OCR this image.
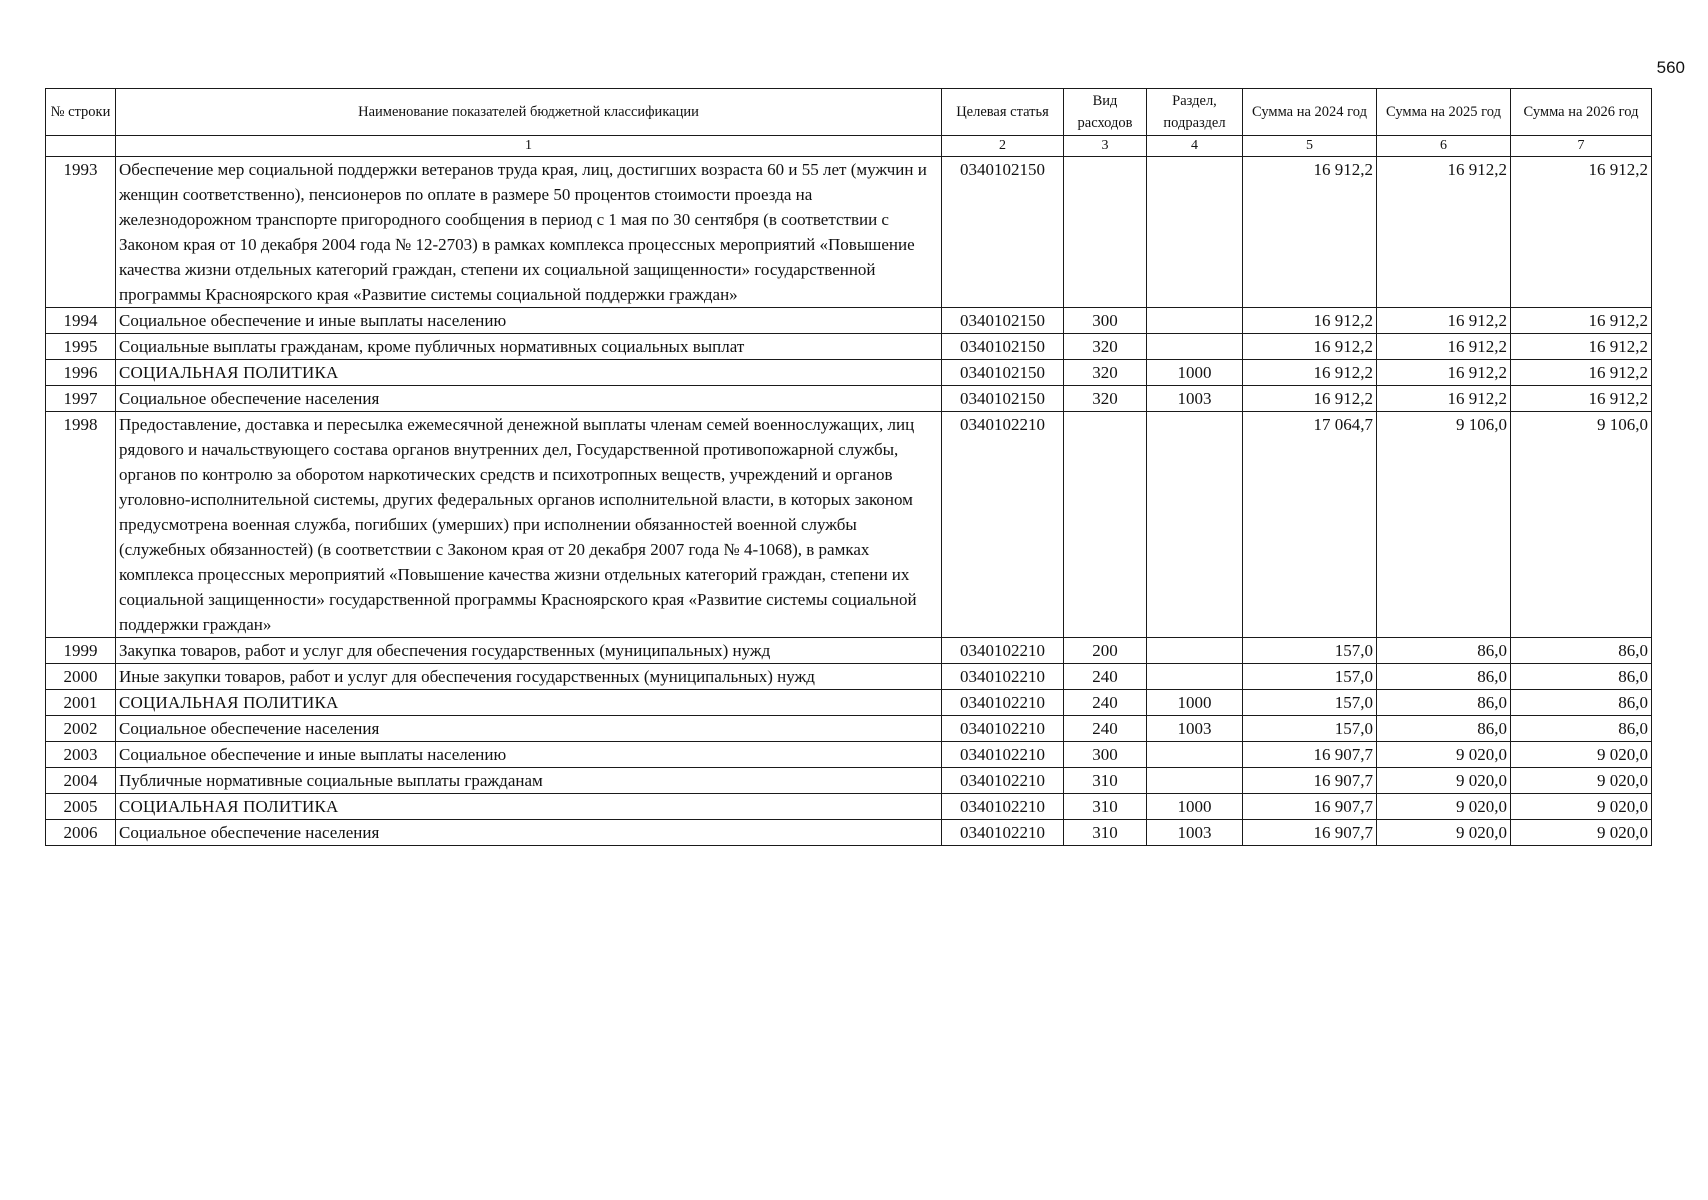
560
№ строки	Наименование показателей бюджетной классификации	Целевая статья	Вид расходов	Раздел, подраздел	Сумма на 2024 год	Сумма на 2025 год	Сумма на 2026 год
	1	2	3	4	5	6	7
1993	Обеспечение мер социальной поддержки ветеранов труда края, лиц, достигших возраста 60 и 55 лет (мужчин и женщин соответственно), пенсионеров по оплате в размере 50 процентов стоимости проезда на железнодорожном транспорте пригородного сообщения в период с 1 мая по 30 сентября (в соответствии с Законом края от 10 декабря 2004 года № 12-2703) в рамках комплекса процессных мероприятий «Повышение качества жизни отдельных категорий граждан, степени их социальной защищенности» государственной программы Красноярского края «Развитие системы социальной поддержки граждан»	0340102150			16 912,2	16 912,2	16 912,2
1994	Социальное обеспечение и иные выплаты населению	0340102150	300		16 912,2	16 912,2	16 912,2
1995	Социальные выплаты гражданам, кроме публичных нормативных социальных выплат	0340102150	320		16 912,2	16 912,2	16 912,2
1996	СОЦИАЛЬНАЯ ПОЛИТИКА	0340102150	320	1000	16 912,2	16 912,2	16 912,2
1997	Социальное обеспечение населения	0340102150	320	1003	16 912,2	16 912,2	16 912,2
1998	Предоставление, доставка и пересылка ежемесячной денежной выплаты членам семей военнослужащих, лиц рядового и начальствующего состава органов внутренних дел, Государственной противопожарной службы, органов по контролю за оборотом наркотических средств и психотропных веществ, учреждений и органов уголовно-исполнительной системы, других федеральных органов исполнительной власти, в которых законом предусмотрена военная служба, погибших (умерших) при исполнении обязанностей военной службы (служебных обязанностей) (в соответствии с Законом края от 20 декабря 2007 года № 4-1068), в рамках комплекса процессных мероприятий «Повышение качества жизни отдельных категорий граждан, степени их социальной защищенности» государственной программы Красноярского края «Развитие системы социальной поддержки граждан»	0340102210			17 064,7	9 106,0	9 106,0
1999	Закупка товаров, работ и услуг для обеспечения государственных (муниципальных) нужд	0340102210	200		157,0	86,0	86,0
2000	Иные закупки товаров, работ и услуг для обеспечения государственных (муниципальных) нужд	0340102210	240		157,0	86,0	86,0
2001	СОЦИАЛЬНАЯ ПОЛИТИКА	0340102210	240	1000	157,0	86,0	86,0
2002	Социальное обеспечение населения	0340102210	240	1003	157,0	86,0	86,0
2003	Социальное обеспечение и иные выплаты населению	0340102210	300		16 907,7	9 020,0	9 020,0
2004	Публичные нормативные социальные выплаты гражданам	0340102210	310		16 907,7	9 020,0	9 020,0
2005	СОЦИАЛЬНАЯ ПОЛИТИКА	0340102210	310	1000	16 907,7	9 020,0	9 020,0
2006	Социальное обеспечение населения	0340102210	310	1003	16 907,7	9 020,0	9 020,0
